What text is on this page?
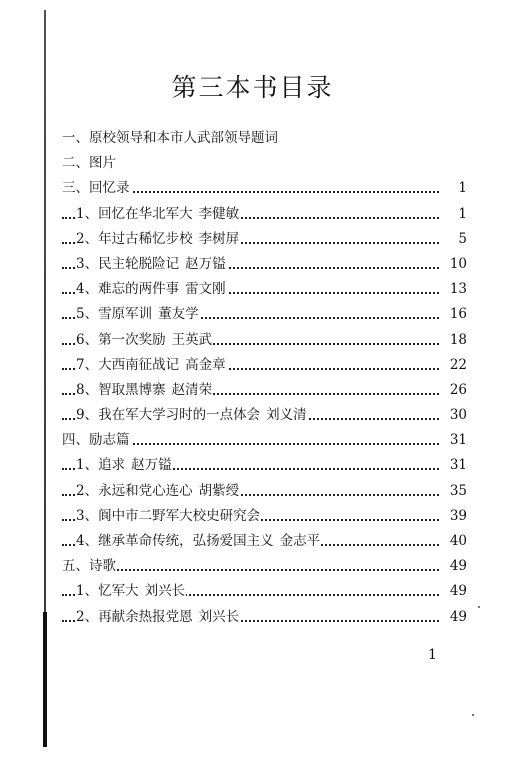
第三本书目录
一、原校领导和本市人武部领导题词
二、图片
三、回忆录	1
1、回忆在华北军大 李健敏	1
2、年过古稀忆步校 李树屏	5
3、民主轮脱险记 赵万镒	10
4、难忘的两件事 雷文刚	13
5、雪原军训 董友学	16
6、第一次奖励 王英武	18
7、大西南征战记 高金章	22
8、智取黑博寨 赵清荣	26
9、我在军大学习时的一点体会 刘义清	30
四、励志篇	31
1、追求 赵万镒	31
2、永远和党心连心 胡紫绶	35
3、阆中市二野军大校史研究会	39
4、继承革命传统，弘扬爱国主义 金志平	40
五、诗歌	49
1、忆军大 刘兴长	49
2、再献余热报党恩 刘兴长	49
1
